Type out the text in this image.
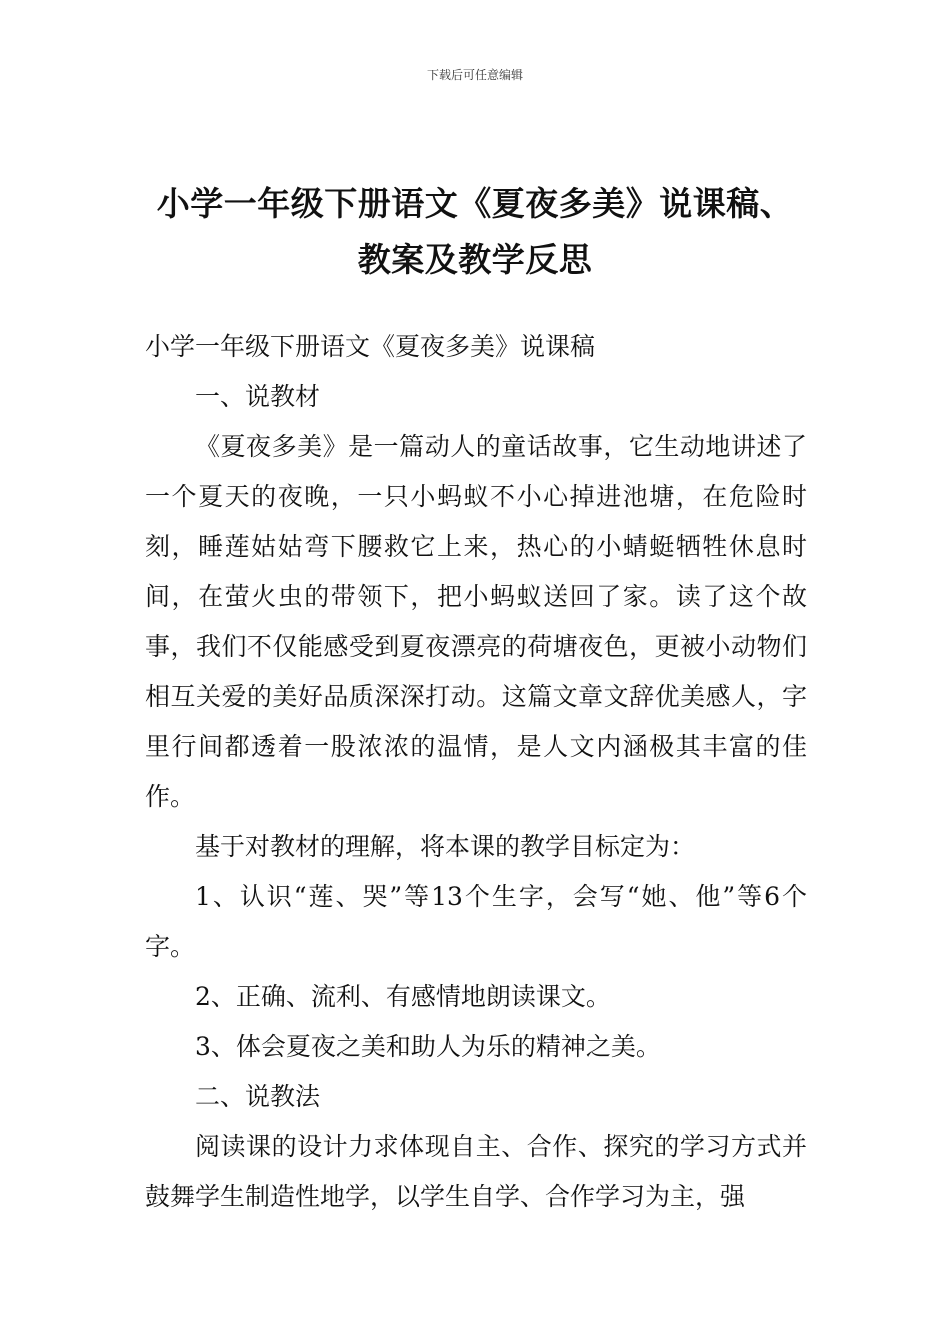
下载后可任意编辑
小学一年级下册语文《夏夜多美》说课稿、
教案及教学反思

小学一年级下册语文《夏夜多美》说课稿

一、说教材

《夏夜多美》是一篇动人的童话故事，它生动地讲述了一个夏天的夜晚，一只小蚂蚁不小心掉进池塘，在危险时刻，睡莲姑姑弯下腰救它上来，热心的小蜻蜓牺牲休息时间，在萤火虫的带领下，把小蚂蚁送回了家。读了这个故事，我们不仅能感受到夏夜漂亮的荷塘夜色，更被小动物们相互关爱的美好品质深深打动。这篇文章文辞优美感人，字里行间都透着一股浓浓的温情，是人文内涵极其丰富的佳作。

基于对教材的理解，将本课的教学目标定为：

1、认识“莲、哭”等13个生字，会写“她、他”等6个字。

2、正确、流利、有感情地朗读课文。

3、体会夏夜之美和助人为乐的精神之美。

二、说教法

阅读课的设计力求体现自主、合作、探究的学习方式并鼓舞学生制造性地学，以学生自学、合作学习为主，强
